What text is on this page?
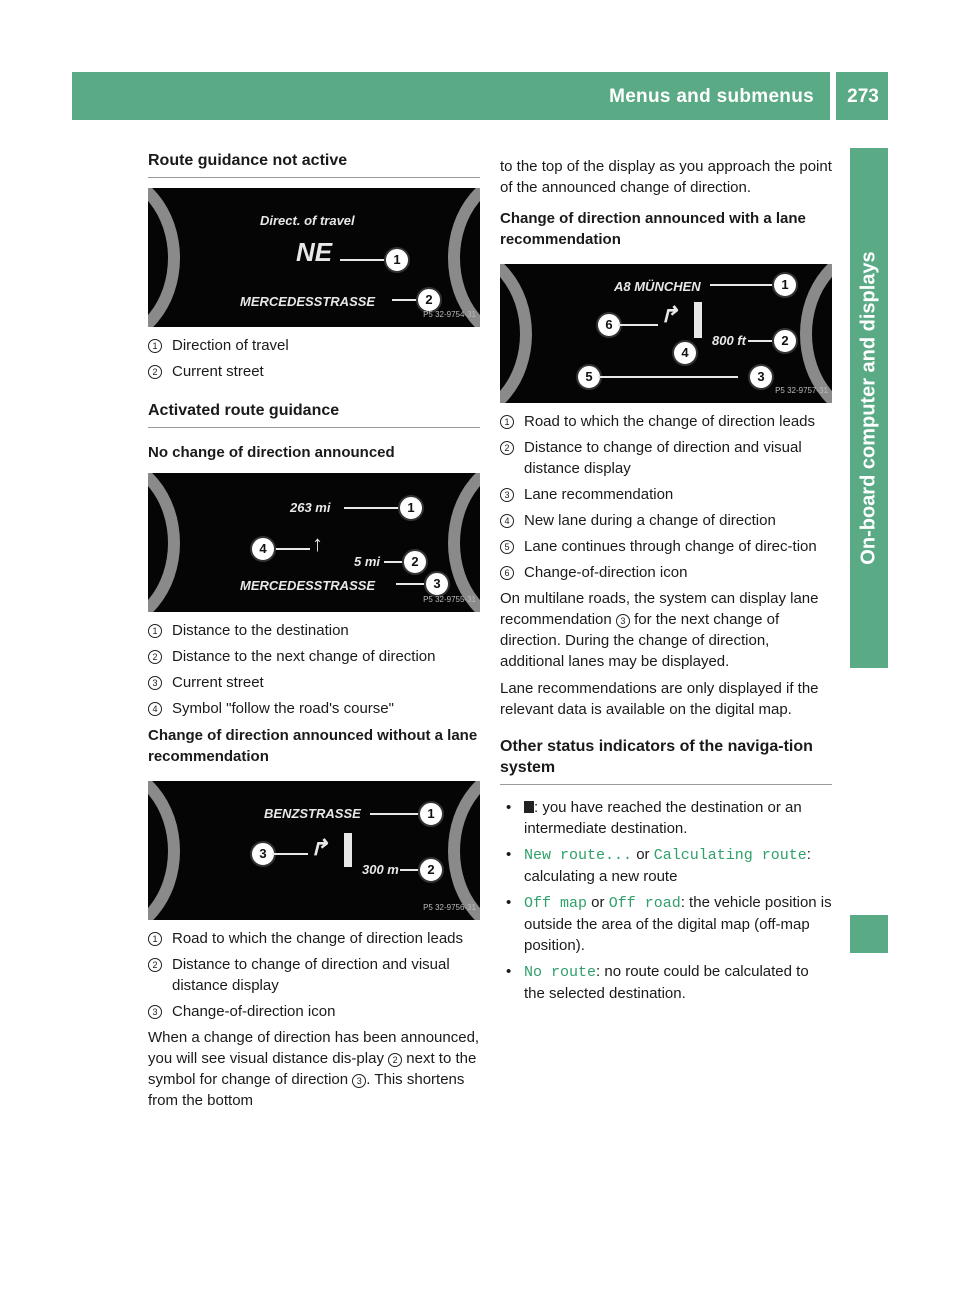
Menus and submenus	273
On-board computer and displays
Route guidance not active
Direct. of travel
NE	1
MERCEDESSTRASSE	2
P5 32-9754-31
1 Direction of travel
2 Current street
Activated route guidance
No change of direction announced
263 mi	1
↑
4
5 mi	2
MERCEDESSTRASSE	3
P5 32-9755-31
1 Distance to the destination
2 Distance to the next change of direction
3 Current street
4 Symbol "follow the road's course"
Change of direction announced without a lane recommendation
BENZSTRASSE	1
3	↱
300 m	2
P5 32-9756-31
1 Road to which the change of direction leads
2 Distance to change of direction and visual distance display
3 Change-of-direction icon

When a change of direction has been announced, you will see visual distance dis-play 2 next to the symbol for change of direction 3 . This shortens from the bottom

to the top of the display as you approach the point of the announced change of direction.

Change of direction announced with a lane recommendation
A8 MÜNCHEN	1
6	↱
800 ft	2
4
5	3
P5 32-9757-31
1 Road to which the change of direction leads
2 Distance to change of direction and visual distance display
3 Lane recommendation
4 New lane during a change of direction
5 Lane continues through change of direc-tion
6 Change-of-direction icon

On multilane roads, the system can display lane recommendation 3 for the next change of direction. During the change of direction, additional lanes may be displayed.

Lane recommendations are only displayed if the relevant data is available on the digital map.

Other status indicators of the naviga-tion system
•	: you have reached the destination or an intermediate destination.
• New route... or Calculating route: calculating a new route
• Off map or Off road: the vehicle position is outside the area of the digital map (off-map position).
• No route: no route could be calculated to the selected destination.
